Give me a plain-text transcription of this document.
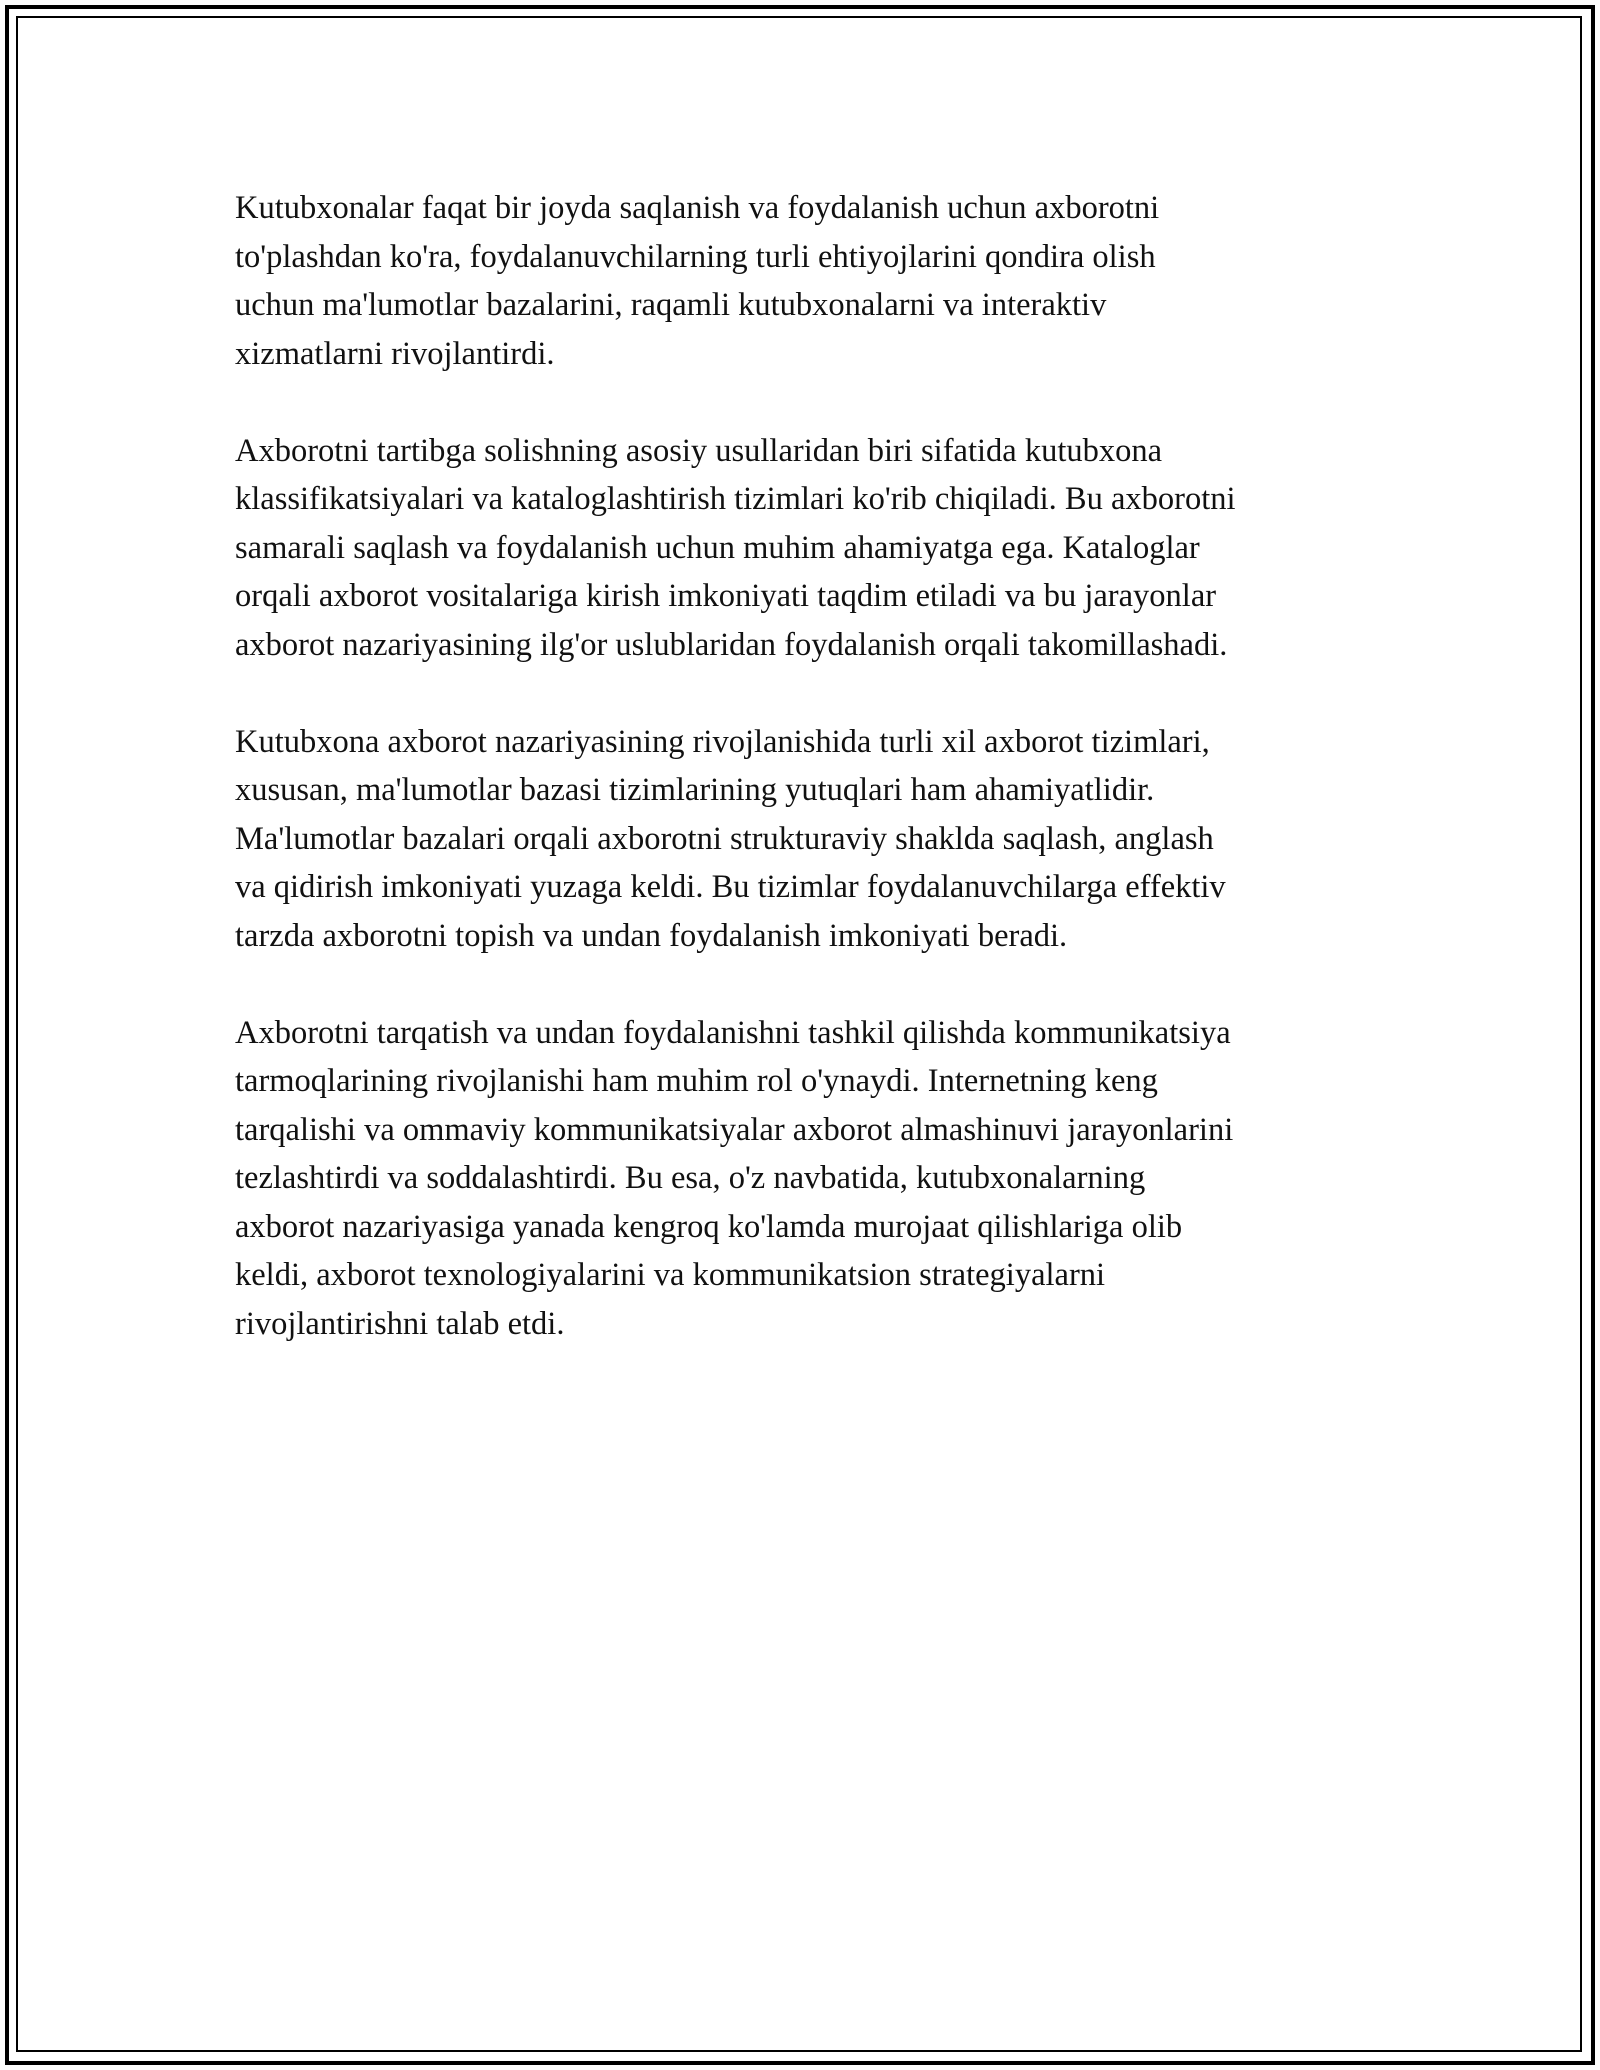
Kutubxonalar faqat bir joyda saqlanish va foydalanish uchun axborotni
to'plashdan ko'ra, foydalanuvchilarning turli ehtiyojlarini qondira olish
uchun ma'lumotlar bazalarini, raqamli kutubxonalarni va interaktiv
xizmatlarni rivojlantirdi.

Axborotni tartibga solishning asosiy usullaridan biri sifatida kutubxona
klassifikatsiyalari va kataloglashtirish tizimlari ko'rib chiqiladi. Bu axborotni
samarali saqlash va foydalanish uchun muhim ahamiyatga ega. Kataloglar
orqali axborot vositalariga kirish imkoniyati taqdim etiladi va bu jarayonlar
axborot nazariyasining ilg'or uslublaridan foydalanish orqali takomillashadi.

Kutubxona axborot nazariyasining rivojlanishida turli xil axborot tizimlari,
xususan, ma'lumotlar bazasi tizimlarining yutuqlari ham ahamiyatlidir.
Ma'lumotlar bazalari orqali axborotni strukturaviy shaklda saqlash, anglash
va qidirish imkoniyati yuzaga keldi. Bu tizimlar foydalanuvchilarga effektiv
tarzda axborotni topish va undan foydalanish imkoniyati beradi.

Axborotni tarqatish va undan foydalanishni tashkil qilishda kommunikatsiya
tarmoqlarining rivojlanishi ham muhim rol o'ynaydi. Internetning keng
tarqalishi va ommaviy kommunikatsiyalar axborot almashinuvi jarayonlarini
tezlashtirdi va soddalashtirdi. Bu esa, o'z navbatida, kutubxonalarning
axborot nazariyasiga yanada kengroq ko'lamda murojaat qilishlariga olib
keldi, axborot texnologiyalarini va kommunikatsion strategiyalarni
rivojlantirishni talab etdi.
